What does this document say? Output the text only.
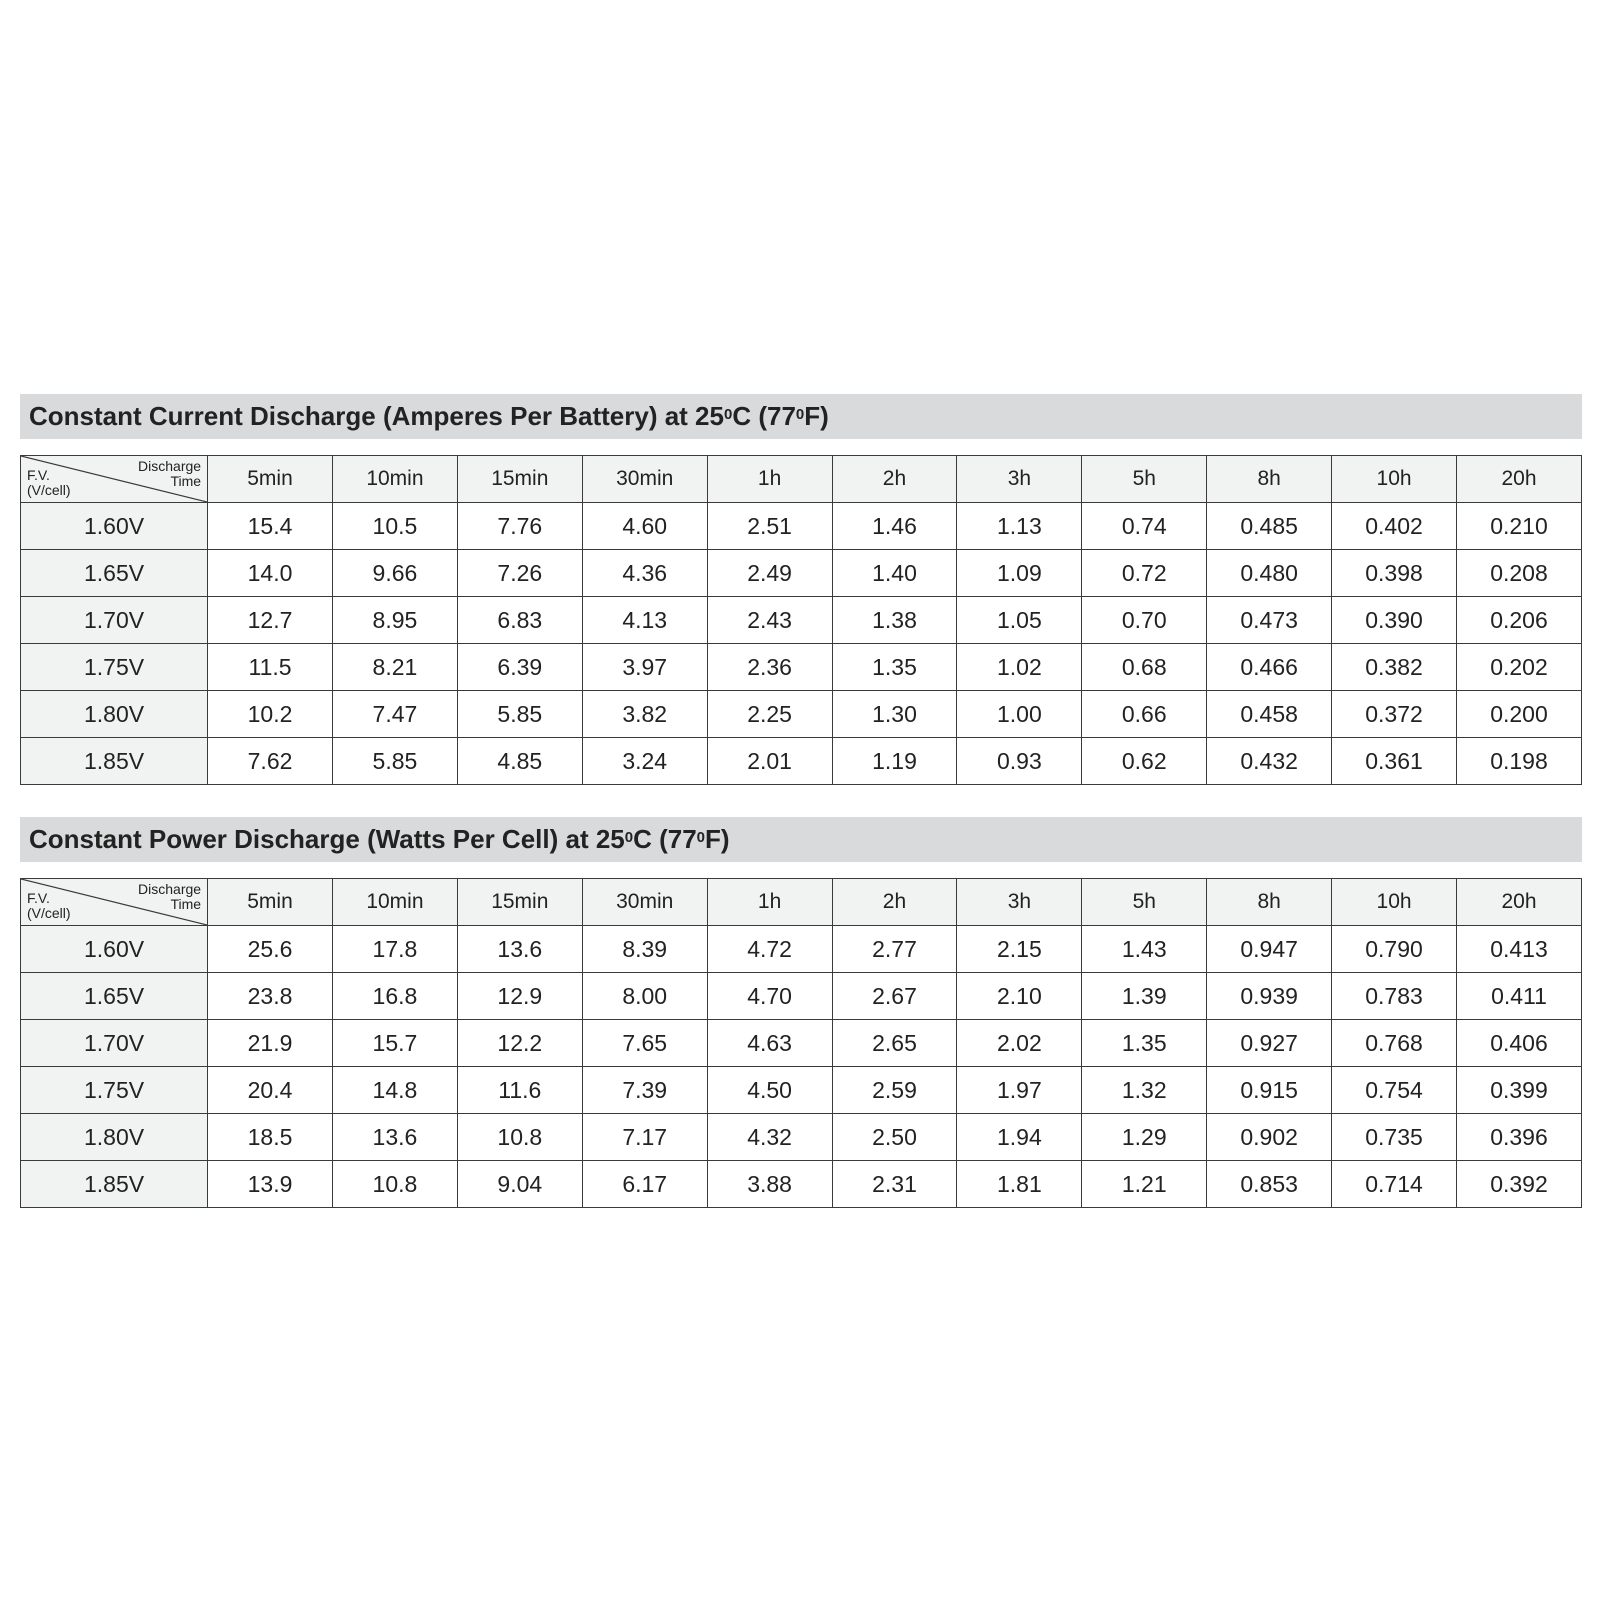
Constant Current Discharge (Amperes Per Battery) at $25^0C$ $(77^0F)$
Discharge
Time
F.V.
(V/cell)	5min	10min	15min	30min	1h	2h	3h	5h	8h	10h	20h
1.60V	15.4	10.5	7.76	4.60	2.51	1.46	1.13	0.74	0.485	0.402	0.210
1.65V	14.0	9.66	7.26	4.36	2.49	1.40	1.09	0.72	0.480	0.398	0.208
1.70V	12.7	8.95	6.83	4.13	2.43	1.38	1.05	0.70	0.473	0.390	0.206
1.75V	11.5	8.21	6.39	3.97	2.36	1.35	1.02	0.68	0.466	0.382	0.202
1.80V	10.2	7.47	5.85	3.82	2.25	1.30	1.00	0.66	0.458	0.372	0.200
1.85V	7.62	5.85	4.85	3.24	2.01	1.19	0.93	0.62	0.432	0.361	0.198
Constant Power Discharge (Watts Per Cell) at $25^0C$ $(77^0F)$
Discharge
Time
F.V.
(V/cell)	5min	10min	15min	30min	1h	2h	3h	5h	8h	10h	20h
1.60V	25.6	17.8	13.6	8.39	4.72	2.77	2.15	1.43	0.947	0.790	0.413
1.65V	23.8	16.8	12.9	8.00	4.70	2.67	2.10	1.39	0.939	0.783	0.411
1.70V	21.9	15.7	12.2	7.65	4.63	2.65	2.02	1.35	0.927	0.768	0.406
1.75V	20.4	14.8	11.6	7.39	4.50	2.59	1.97	1.32	0.915	0.754	0.399
1.80V	18.5	13.6	10.8	7.17	4.32	2.50	1.94	1.29	0.902	0.735	0.396
1.85V	13.9	10.8	9.04	6.17	3.88	2.31	1.81	1.21	0.853	0.714	0.392
